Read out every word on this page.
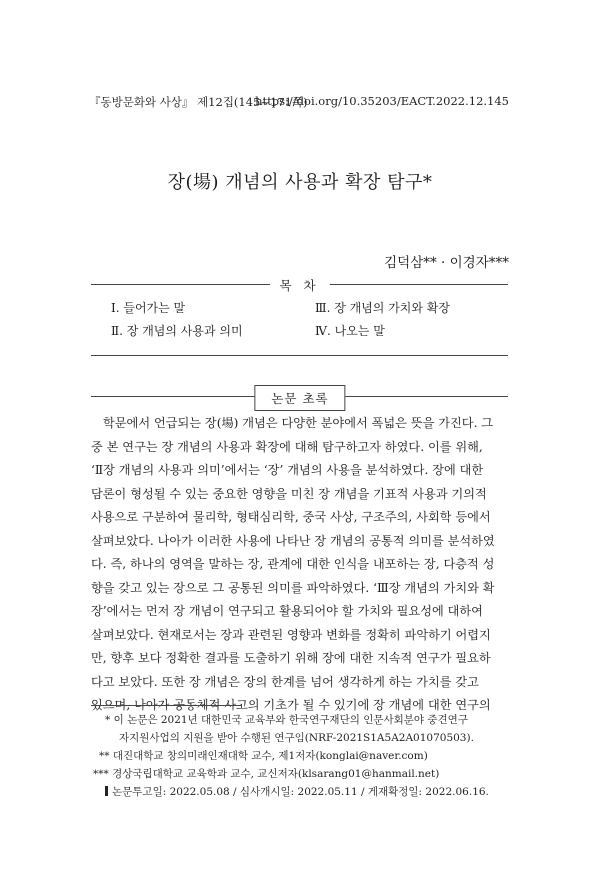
『동방문화와 사상』 제12집(145~171쪽)
https://doi.org/10.35203/EACT.2022.12.145
장(場) 개념의 사용과 확장 탐구*
김덕삼** · 이경자***
목 차
Ⅰ. 들어가는 말	Ⅲ. 장 개념의 가치와 확장
Ⅱ. 장 개념의 사용과 의미	Ⅳ. 나오는 말
논문 초록
학문에서 언급되는 장(場) 개념은 다양한 분야에서 폭넓은 뜻을 가진다. 그
중 본 연구는 장 개념의 사용과 확장에 대해 탐구하고자 하였다. 이를 위해,
‘Ⅱ장 개념의 사용과 의미’에서는 ‘장’ 개념의 사용을 분석하였다. 장에 대한
담론이 형성될 수 있는 중요한 영향을 미친 장 개념을 기표적 사용과 기의적
사용으로 구분하여 물리학, 형태심리학, 중국 사상, 구조주의, 사회학 등에서
살펴보았다. 나아가 이러한 사용에 나타난 장 개념의 공통적 의미를 분석하였
다. 즉, 하나의 영역을 말하는 장, 관계에 대한 인식을 내포하는 장, 다층적 성
향을 갖고 있는 장으로 그 공통된 의미를 파악하였다. ‘Ⅲ장 개념의 가치와 확
장’에서는 먼저 장 개념이 연구되고 활용되어야 할 가치와 필요성에 대하여
살펴보았다. 현재로서는 장과 관련된 영향과 변화를 정확히 파악하기 어렵지
만, 향후 보다 정확한 결과를 도출하기 위해 장에 대한 지속적 연구가 필요하
다고 보았다. 또한 장 개념은 장의 한계를 넘어 생각하게 하는 가치를 갖고
있으며, 나아가 공동체적 사고의 기초가 될 수 있기에 장 개념에 대한 연구의
* 이 논문은 2021년 대한민국 교육부와 한국연구재단의 인문사회분야 중견연구
자지원사업의 지원을 받아 수행된 연구임(NRF-2021S1A5A2A01070503).
** 대진대학교 창의미래인재대학 교수, 제1저자(konglai@naver.com)
*** 경상국립대학교 교육학과 교수, 교신저자(klsarang01@hanmail.net)
논문투고일: 2022.05.08 / 심사개시일: 2022.05.11 / 게재확정일: 2022.06.16.
